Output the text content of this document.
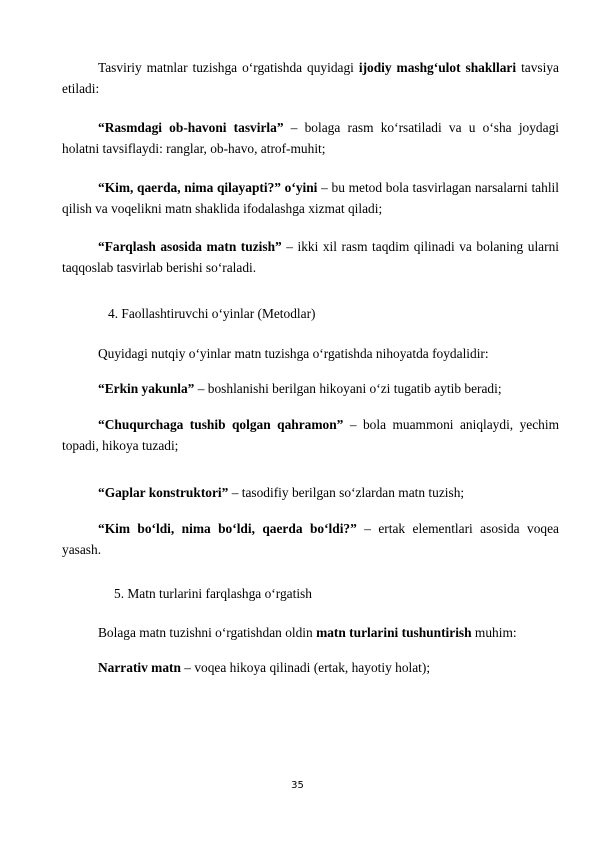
Tasviriy matnlar tuzishga o‘rgatishda quyidagi ijodiy mashg‘ulot shakllari tavsiya etiladi:

“Rasmdagi ob-havoni tasvirla” – bolaga rasm ko‘rsatiladi va u o‘sha joydagi holatni tavsiflaydi: ranglar, ob-havo, atrof-muhit;

“Kim, qaerda, nima qilayapti?” o‘yini – bu metod bola tasvirlagan narsalarni tahlil qilish va voqelikni matn shaklida ifodalashga xizmat qiladi;

“Farqlash asosida matn tuzish” – ikki xil rasm taqdim qilinadi va bolaning ularni taqqoslab tasvirlab berishi so‘raladi.

4. Faollashtiruvchi o‘yinlar (Metodlar)

Quyidagi nutqiy o‘yinlar matn tuzishga o‘rgatishda nihoyatda foydalidir:

“Erkin yakunla” – boshlanishi berilgan hikoyani o‘zi tugatib aytib beradi;

“Chuqurchaga tushib qolgan qahramon” – bola muammoni aniqlaydi, yechim topadi, hikoya tuzadi;

“Gaplar konstruktori” – tasodifiy berilgan so‘zlardan matn tuzish;

“Kim bo‘ldi, nima bo‘ldi, qaerda bo‘ldi?” – ertak elementlari asosida voqea yasash.

5. Matn turlarini farqlashga o‘rgatish

Bolaga matn tuzishni o‘rgatishdan oldin matn turlarini tushuntirish muhim:

Narrativ matn – voqea hikoya qilinadi (ertak, hayotiy holat);

35
